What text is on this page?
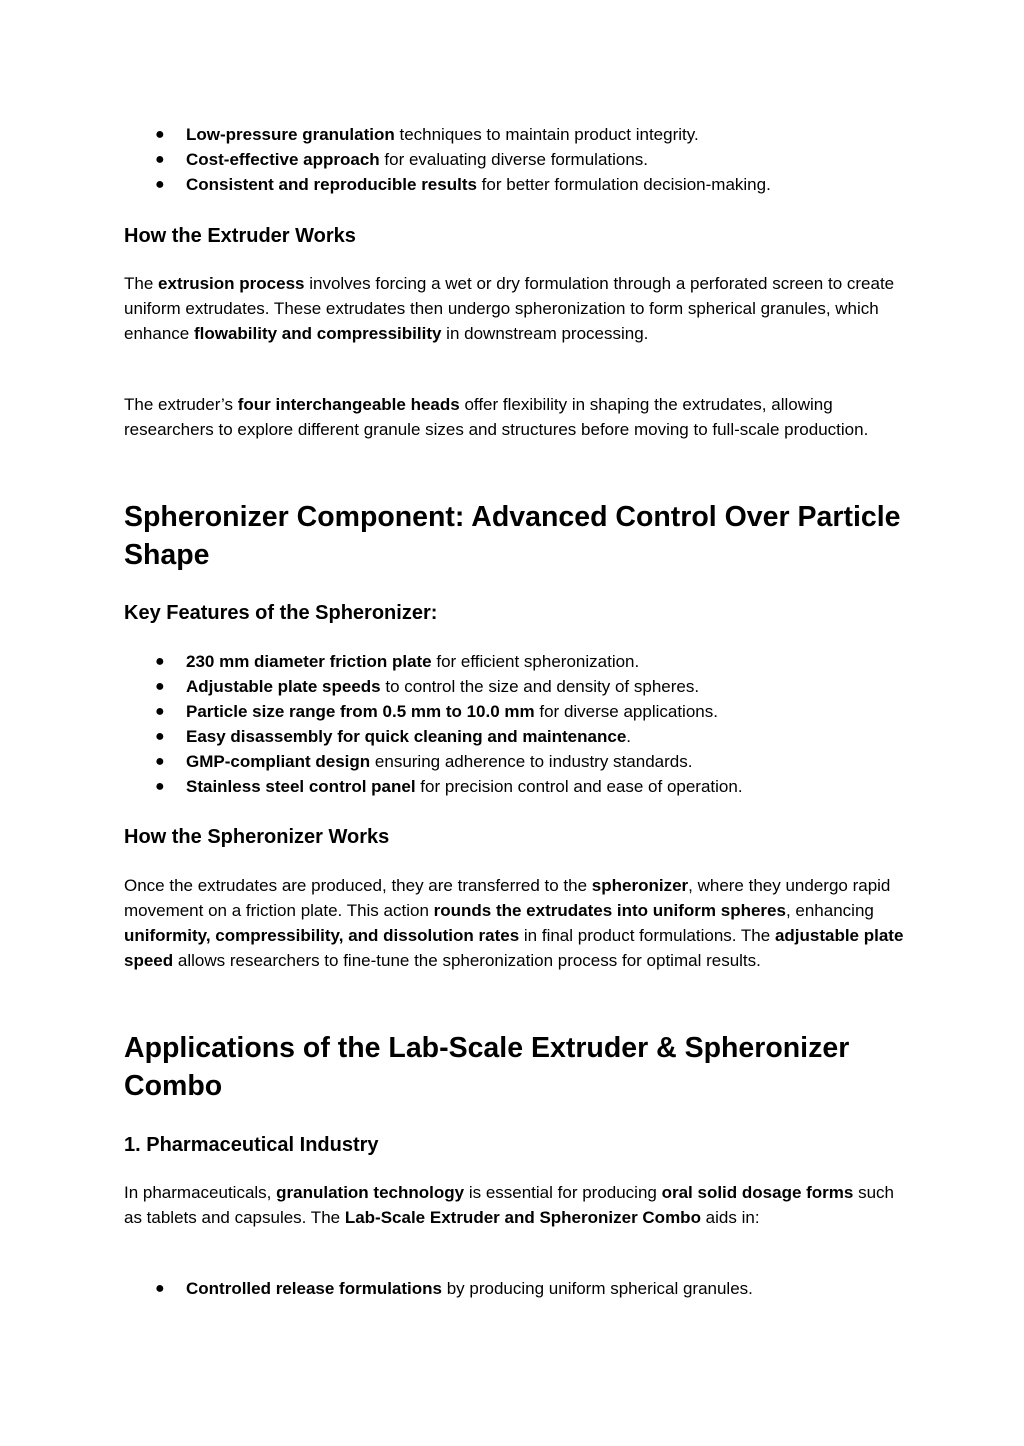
● Low-pressure granulation techniques to maintain product integrity.
● Cost-effective approach for evaluating diverse formulations.
● Consistent and reproducible results for better formulation decision-making.
How the Extruder Works

The extrusion process involves forcing a wet or dry formulation through a perforated screen to create uniform extrudates. These extrudates then undergo spheronization to form spherical granules, which enhance flowability and compressibility in downstream processing.

The extruder’s four interchangeable heads offer flexibility in shaping the extrudates, allowing researchers to explore different granule sizes and structures before moving to full-scale production.

Spheronizer Component: Advanced Control Over Particle Shape
Key Features of the Spheronizer:
● 230 mm diameter friction plate for efficient spheronization.
● Adjustable plate speeds to control the size and density of spheres.
● Particle size range from 0.5 mm to 10.0 mm for diverse applications.
● Easy disassembly for quick cleaning and maintenance.
● GMP-compliant design ensuring adherence to industry standards.
● Stainless steel control panel for precision control and ease of operation.
How the Spheronizer Works

Once the extrudates are produced, they are transferred to the spheronizer, where they undergo rapid movement on a friction plate. This action rounds the extrudates into uniform spheres, enhancing uniformity, compressibility, and dissolution rates in final product formulations. The adjustable plate speed allows researchers to fine-tune the spheronization process for optimal results.

Applications of the Lab-Scale Extruder & Spheronizer Combo
1. Pharmaceutical Industry

In pharmaceuticals, granulation technology is essential for producing oral solid dosage forms such as tablets and capsules. The Lab-Scale Extruder and Spheronizer Combo aids in:

● Controlled release formulations by producing uniform spherical granules.
